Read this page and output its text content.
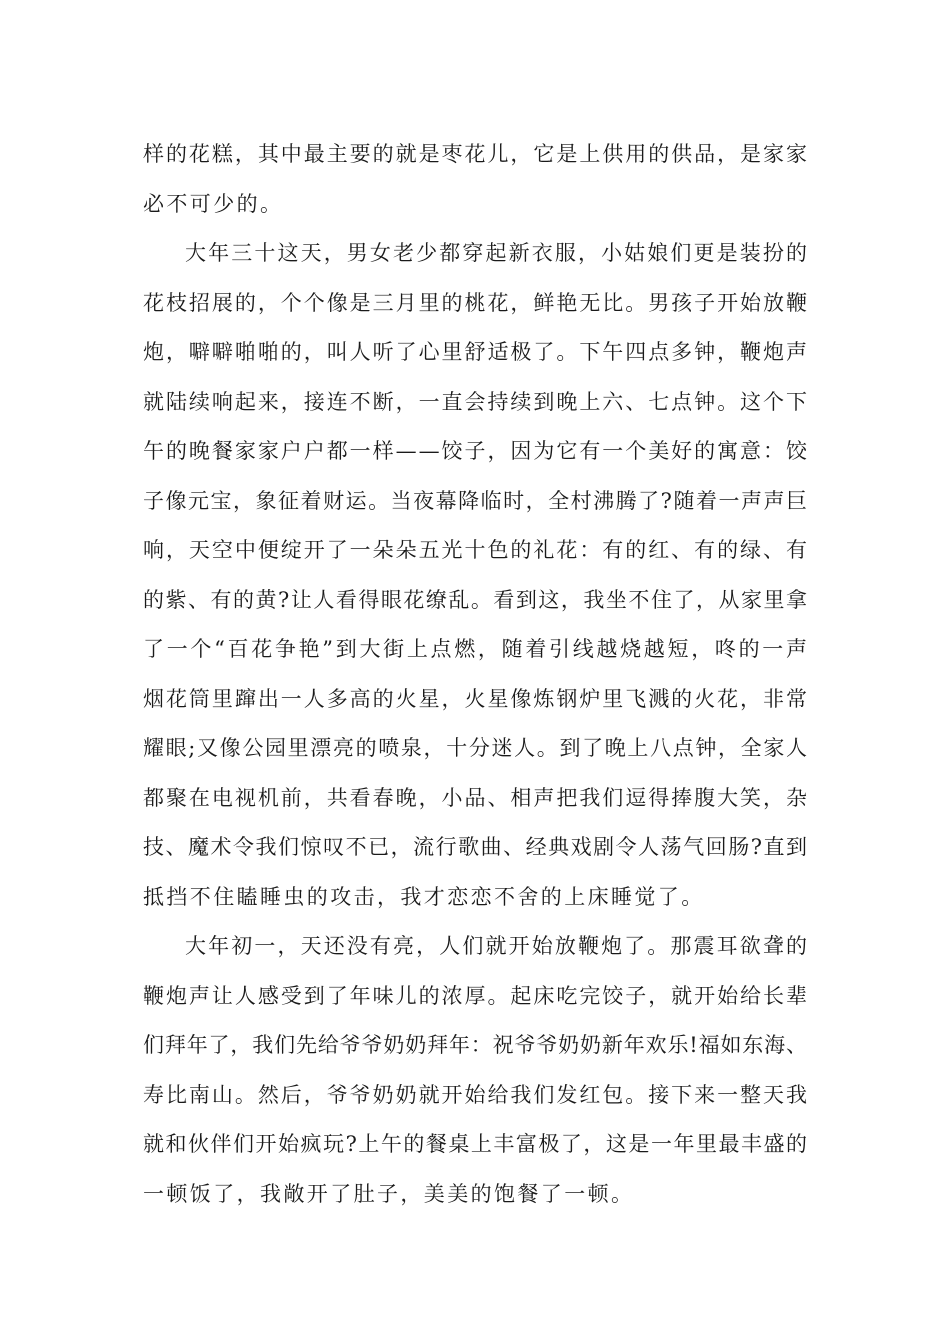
样的花糕，其中最主要的就是枣花儿，它是上供用的供品，是家家
必不可少的。
大年三十这天，男女老少都穿起新衣服，小姑娘们更是装扮的
花枝招展的，个个像是三月里的桃花，鲜艳无比。男孩子开始放鞭
炮，噼噼啪啪的，叫人听了心里舒适极了。下午四点多钟，鞭炮声
就陆续响起来，接连不断，一直会持续到晚上六、七点钟。这个下
午的晚餐家家户户都一样——饺子，因为它有一个美好的寓意：饺
子像元宝，象征着财运。当夜幕降临时，全村沸腾了?随着一声声巨
响，天空中便绽开了一朵朵五光十色的礼花：有的红、有的绿、有
的紫、有的黄?让人看得眼花缭乱。看到这，我坐不住了，从家里拿
了一个“百花争艳”到大街上点燃，随着引线越烧越短，咚的一声
烟花筒里蹿出一人多高的火星，火星像炼钢炉里飞溅的火花，非常
耀眼;又像公园里漂亮的喷泉，十分迷人。到了晚上八点钟，全家人
都聚在电视机前，共看春晚，小品、相声把我们逗得捧腹大笑，杂
技、魔术令我们惊叹不已，流行歌曲、经典戏剧令人荡气回肠?直到
抵挡不住瞌睡虫的攻击，我才恋恋不舍的上床睡觉了。
大年初一，天还没有亮，人们就开始放鞭炮了。那震耳欲聋的
鞭炮声让人感受到了年味儿的浓厚。起床吃完饺子，就开始给长辈
们拜年了，我们先给爷爷奶奶拜年：祝爷爷奶奶新年欢乐!福如东海、
寿比南山。然后，爷爷奶奶就开始给我们发红包。接下来一整天我
就和伙伴们开始疯玩?上午的餐桌上丰富极了，这是一年里最丰盛的
一顿饭了，我敞开了肚子，美美的饱餐了一顿。
